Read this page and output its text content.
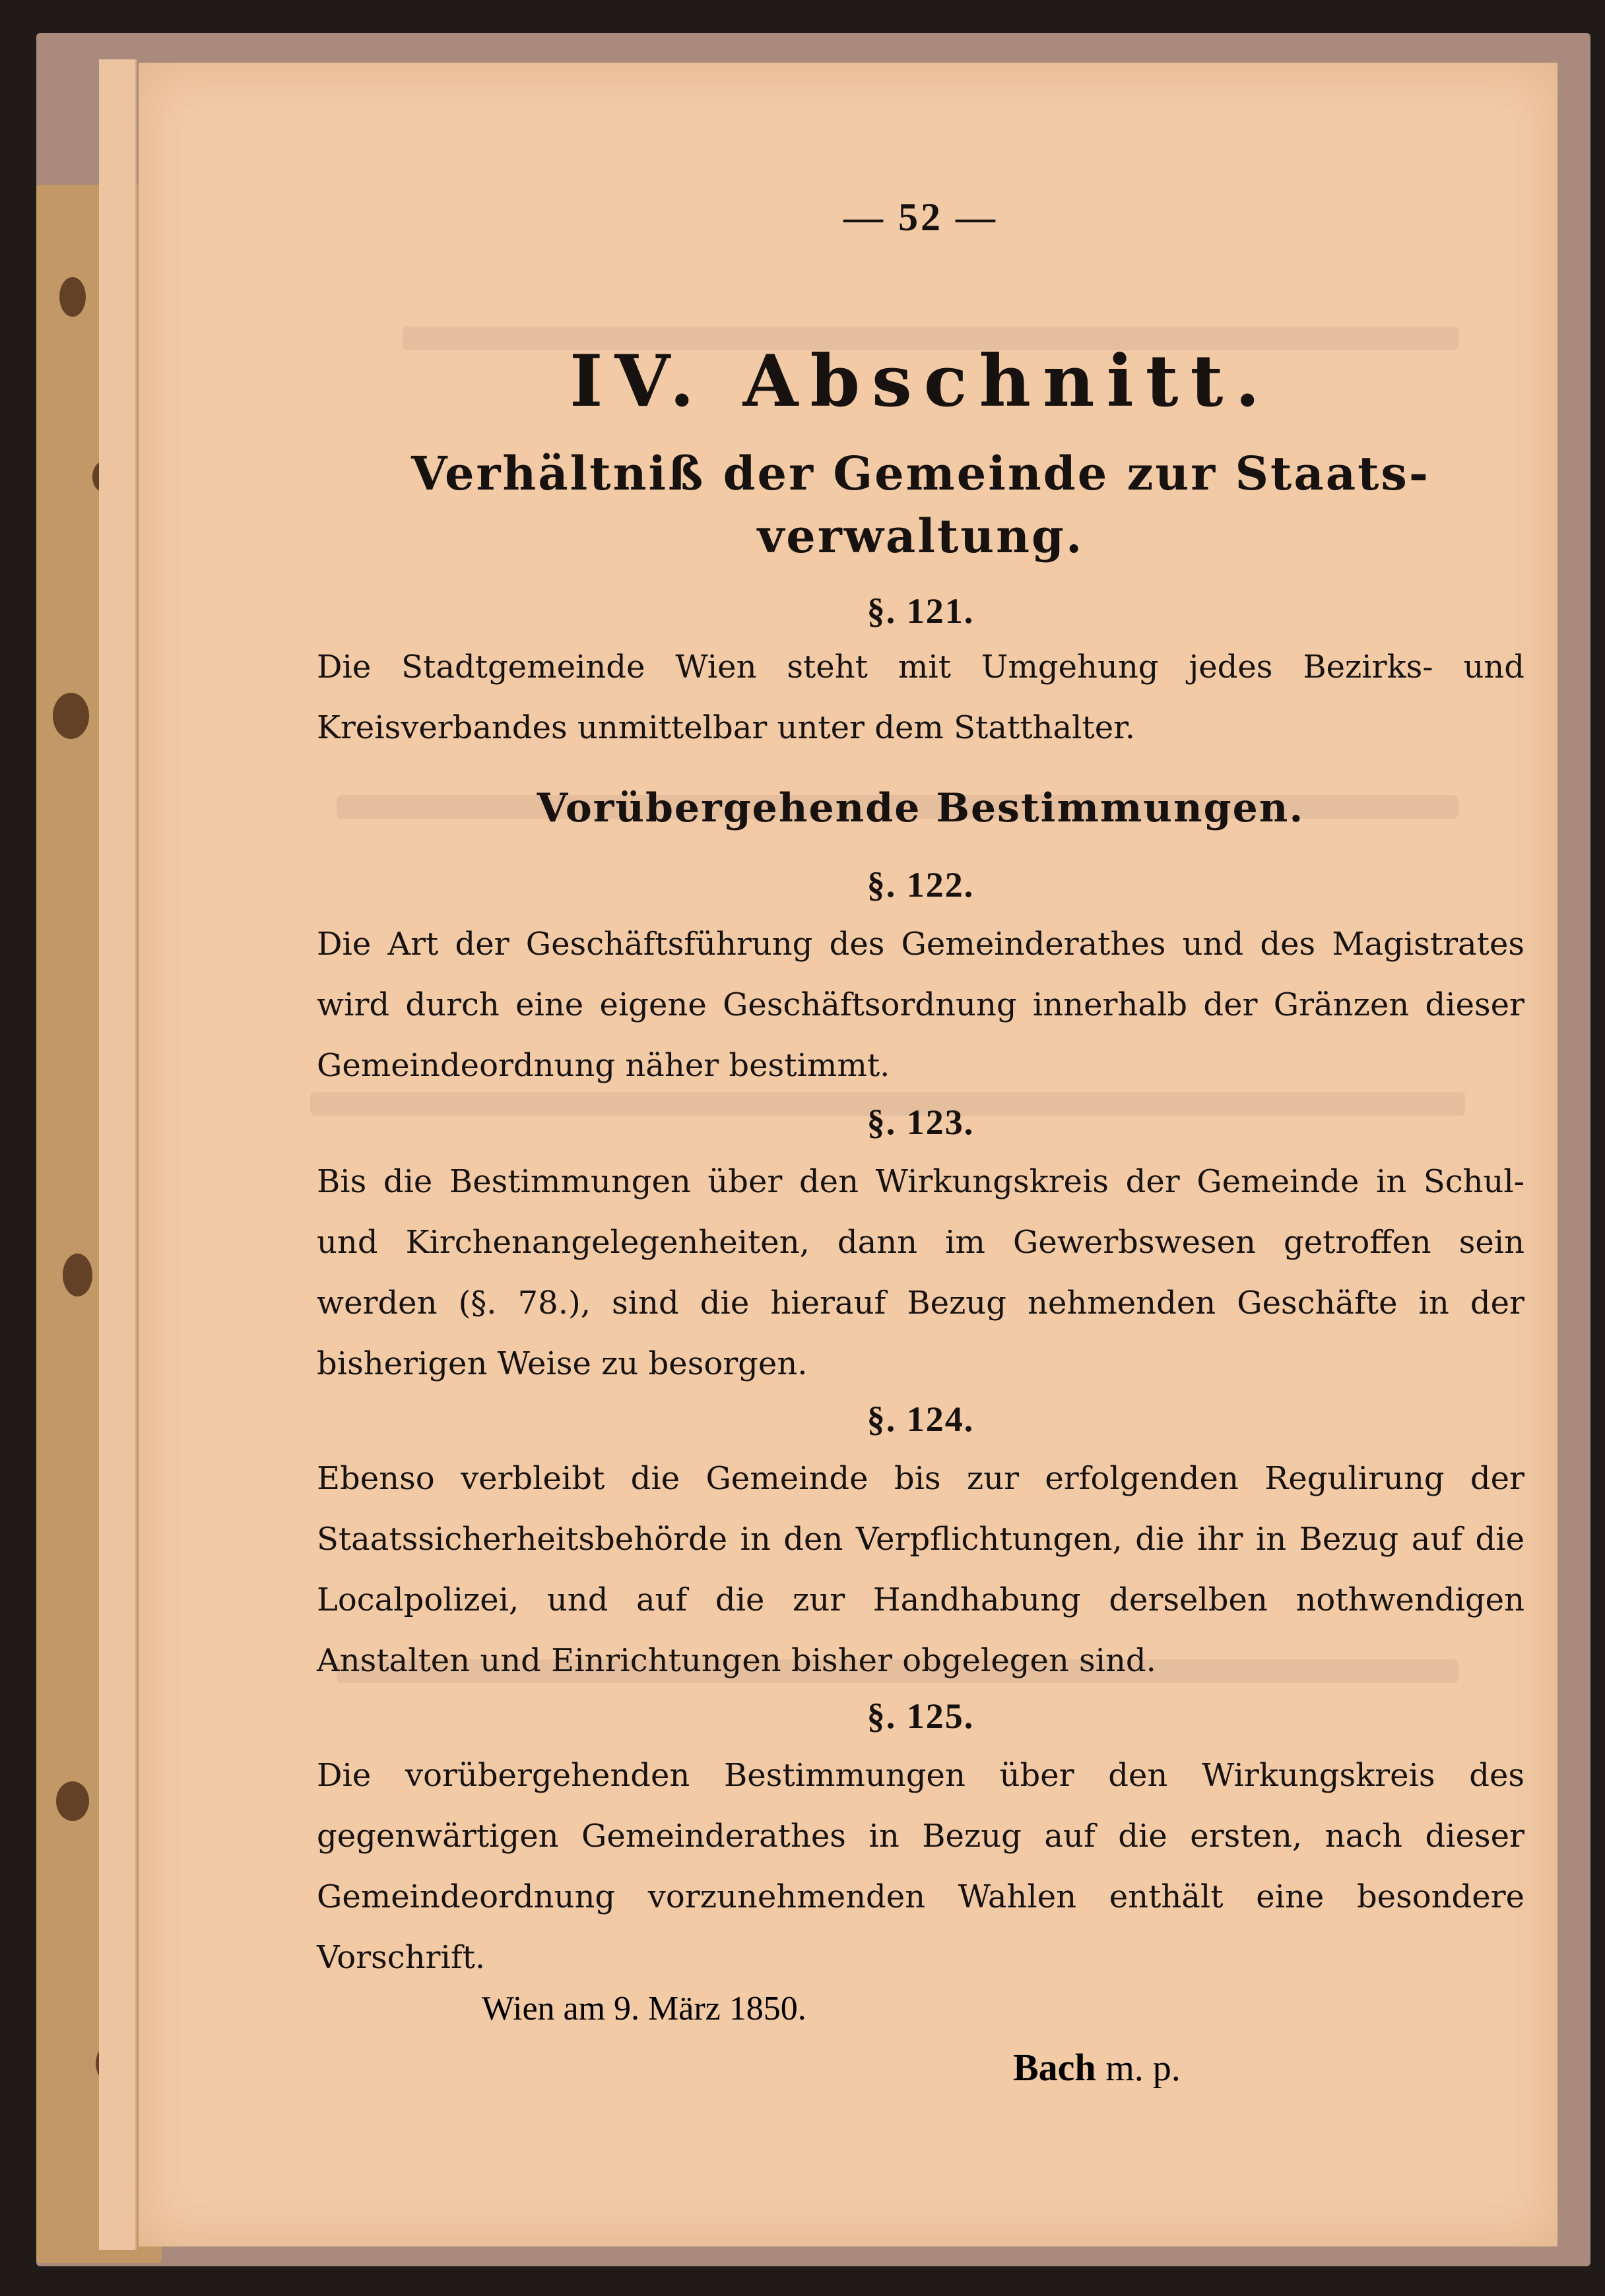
— 52 —
IV. Abschnitt.
Verhältniß der Gemeinde zur Staats-verwaltung.
§. 121.
Die Stadtgemeinde Wien steht mit Umgehung jedes Bezirks- und Kreisverbandes unmittelbar unter dem Statthalter.
Vorübergehende Bestimmungen.
§. 122.
Die Art der Geschäftsführung des Gemeinderathes und des Magistrates wird durch eine eigene Geschäftsordnung innerhalb der Gränzen dieser Gemeindeordnung näher bestimmt.
§. 123.
Bis die Bestimmungen über den Wirkungskreis der Gemeinde in Schul- und Kirchenangelegenheiten, dann im Gewerbswesen getroffen sein werden (§. 78.), sind die hierauf Bezug nehmenden Geschäfte in der bisherigen Weise zu besorgen.
§. 124.
Ebenso verbleibt die Gemeinde bis zur erfolgenden Regulirung der Staatssicherheitsbehörde in den Verpflichtungen, die ihr in Bezug auf die Localpolizei, und auf die zur Handhabung derselben nothwendigen Anstalten und Einrichtungen bisher obgelegen sind.
§. 125.
Die vorübergehenden Bestimmungen über den Wirkungskreis des gegenwärtigen Gemeinderathes in Bezug auf die ersten, nach dieser Gemeindeordnung vorzunehmenden Wahlen enthält eine besondere Vorschrift.
Wien am 9. März 1850.
Bach m. p.
